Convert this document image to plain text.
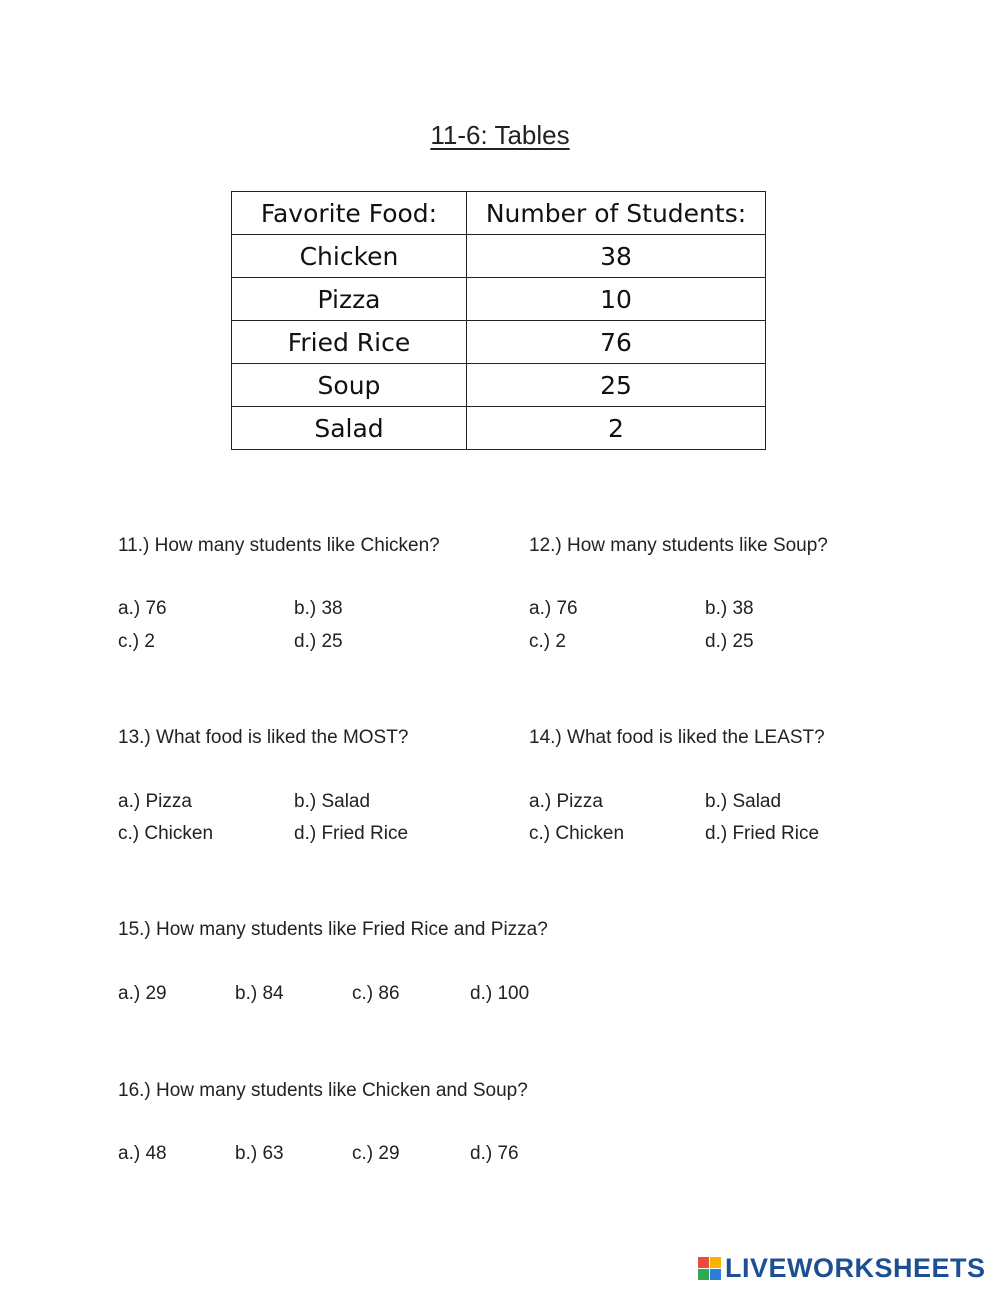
11-6: Tables
Favorite Food:	Number of Students:
Chicken	38
Pizza	10
Fried Rice	76
Soup	25
Salad	2
11.) How many students like Chicken?
a.) 76	b.) 38
c.) 2	d.) 25
12.) How many students like Soup?
a.) 76	b.) 38
c.) 2	d.) 25
13.) What food is liked the MOST?
a.) Pizza	b.) Salad
c.) Chicken	d.) Fried Rice
14.) What food is liked the LEAST?
a.) Pizza	b.) Salad
c.) Chicken	d.) Fried Rice
15.) How many students like Fried Rice and Pizza?
a.) 29	b.) 84	c.) 86	d.) 100
16.) How many students like Chicken and Soup?
a.) 48	b.) 63	c.) 29	d.) 76
LIVEWORKSHEETS
